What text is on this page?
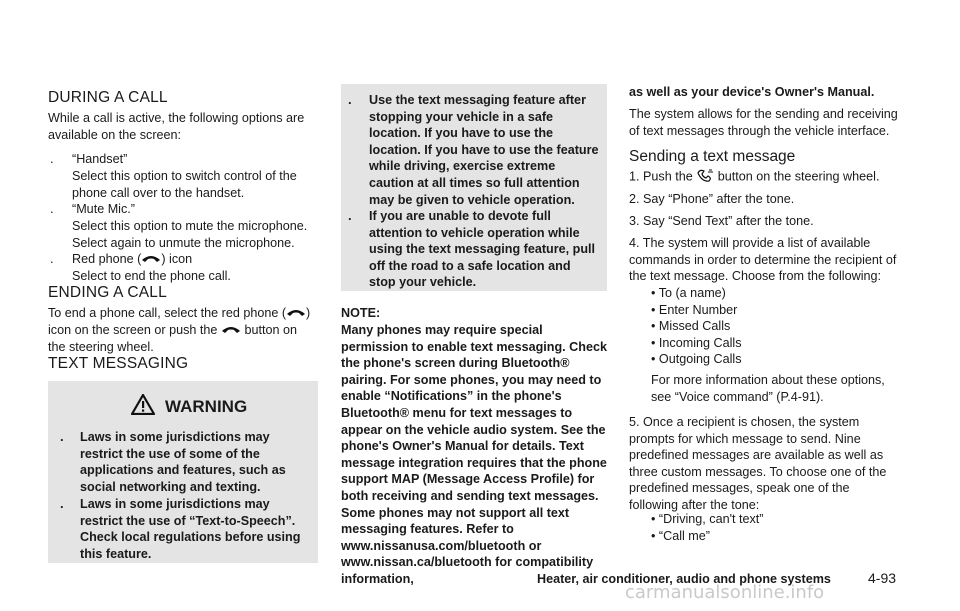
DURING A CALL

While a call is active, the following options are available on the screen:

. “Handset”

Select this option to switch control of the phone call over to the handset.

. “Mute Mic.”

Select this option to mute the microphone. Select again to unmute the microphone.

. Red phone ( ) icon

Select to end the phone call.

ENDING A CALL

To end a phone call, select the red phone ( )

icon on the screen or push the button on

the steering wheel.

TEXT MESSAGING
WARNING
. Laws in some jurisdictions may restrict the use of some of the applications and features, such as social networking and texting.

. Laws in some jurisdictions may restrict the use of “Text-to-Speech”. Check local regulations before using this feature.

. Use the text messaging feature after stopping your vehicle in a safe location. If you have to use the location. If you have to use the feature while driving, exercise extreme caution at all times so full attention may be given to vehicle operation.

. If you are unable to devote full attention to vehicle operation while using the text messaging feature, pull off the road to a safe location and stop your vehicle.

NOTE:

Many phones may require special permission to enable text messaging. Check the phone's screen during Bluetooth® pairing. For some phones, you may need to enable “Notifications” in the phone's Bluetooth® menu for text messages to appear on the vehicle audio system. See the phone's Owner's Manual for details. Text message integration requires that the phone support MAP (Message Access Profile) for both receiving and sending text messages. Some phones may not support all text messaging features. Refer to www.nissanusa.com/bluetooth or www.nissan.ca/bluetooth for compatibility information,

as well as your device's Owner's Manual.

The system allows for the sending and receiving of text messages through the vehicle interface.

Sending a text message

1. Push the button on the steering wheel.

2. Say “Phone” after the tone.

3. Say “Send Text” after the tone.

4. The system will provide a list of available commands in order to determine the recipient of the text message. Choose from the following:

• To (a name)

• Enter Number

• Missed Calls

• Incoming Calls

• Outgoing Calls

For more information about these options, see “Voice command” (P.4-91).

5. Once a recipient is chosen, the system prompts for which message to send. Nine predefined messages are available as well as three custom messages. To choose one of the predefined messages, speak one of the following after the tone:

• “Driving, can't text”

• “Call me”

Heater, air conditioner, audio and phone systems	4-93
carmanualsonline.info
